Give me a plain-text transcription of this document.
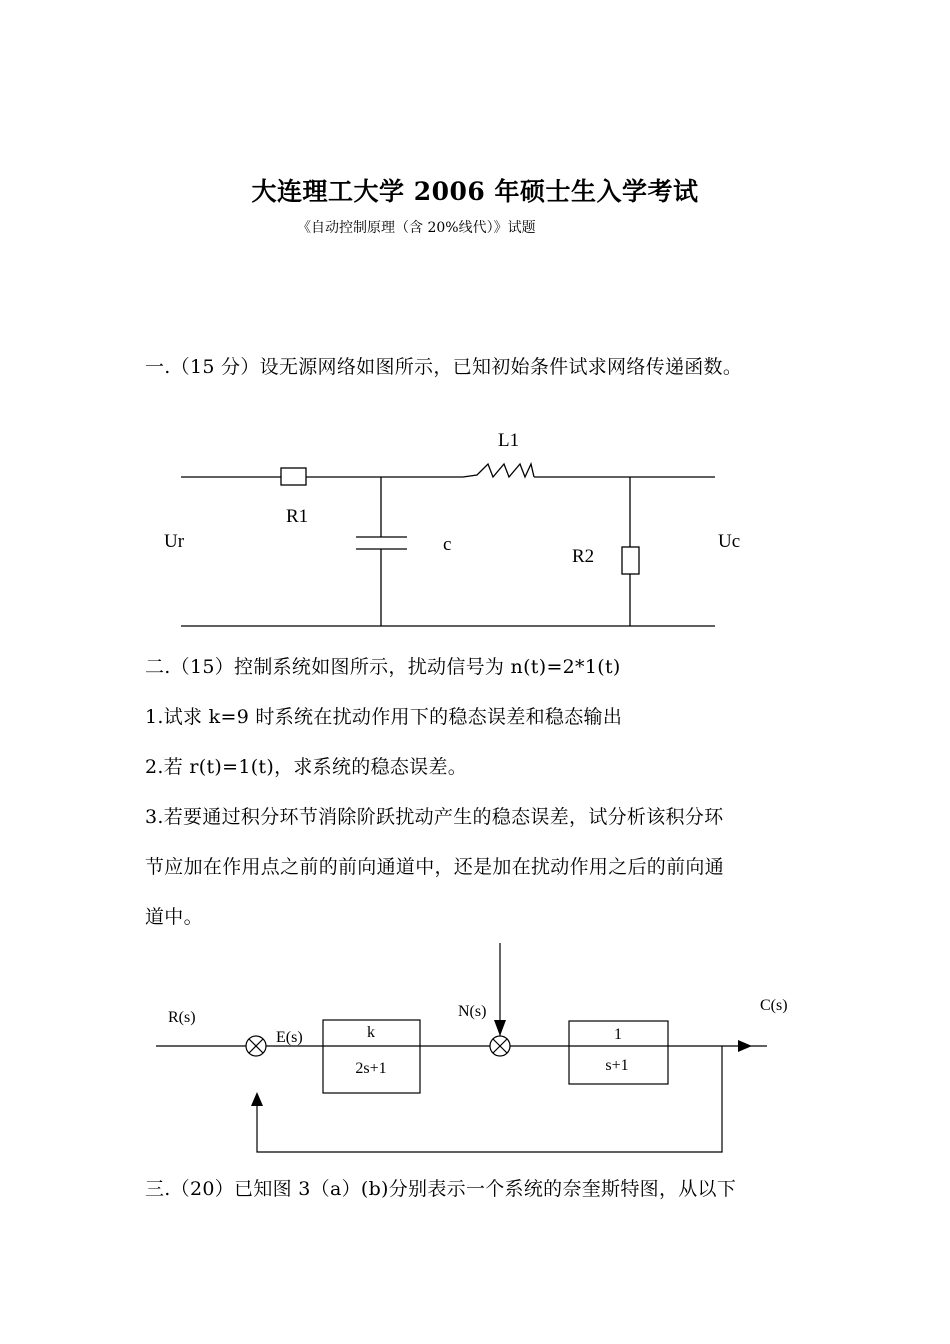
大连理工大学 2006 年硕士生入学考试
《自动控制原理（含 20%线代）》试题
一.（15 分）设无源网络如图所示，已知初始条件试求网络传递函数。
L1
R1
Ur	c
R2
Uc
二.（15）控制系统如图所示，扰动信号为 n(t)=2*1(t)
1.试求 k=9 时系统在扰动作用下的稳态误差和稳态输出
2.若 r(t)=1(t)，求系统的稳态误差。
3.若要通过积分环节消除阶跃扰动产生的稳态误差，试分析该积分环
节应加在作用点之前的前向通道中，还是加在扰动作用之后的前向通
道中。
R(s)
E(s)
N(s)	C(s)
k
2s+1
1
s+1
三.（20）已知图 3（a）(b)分别表示一个系统的奈奎斯特图，从以下
